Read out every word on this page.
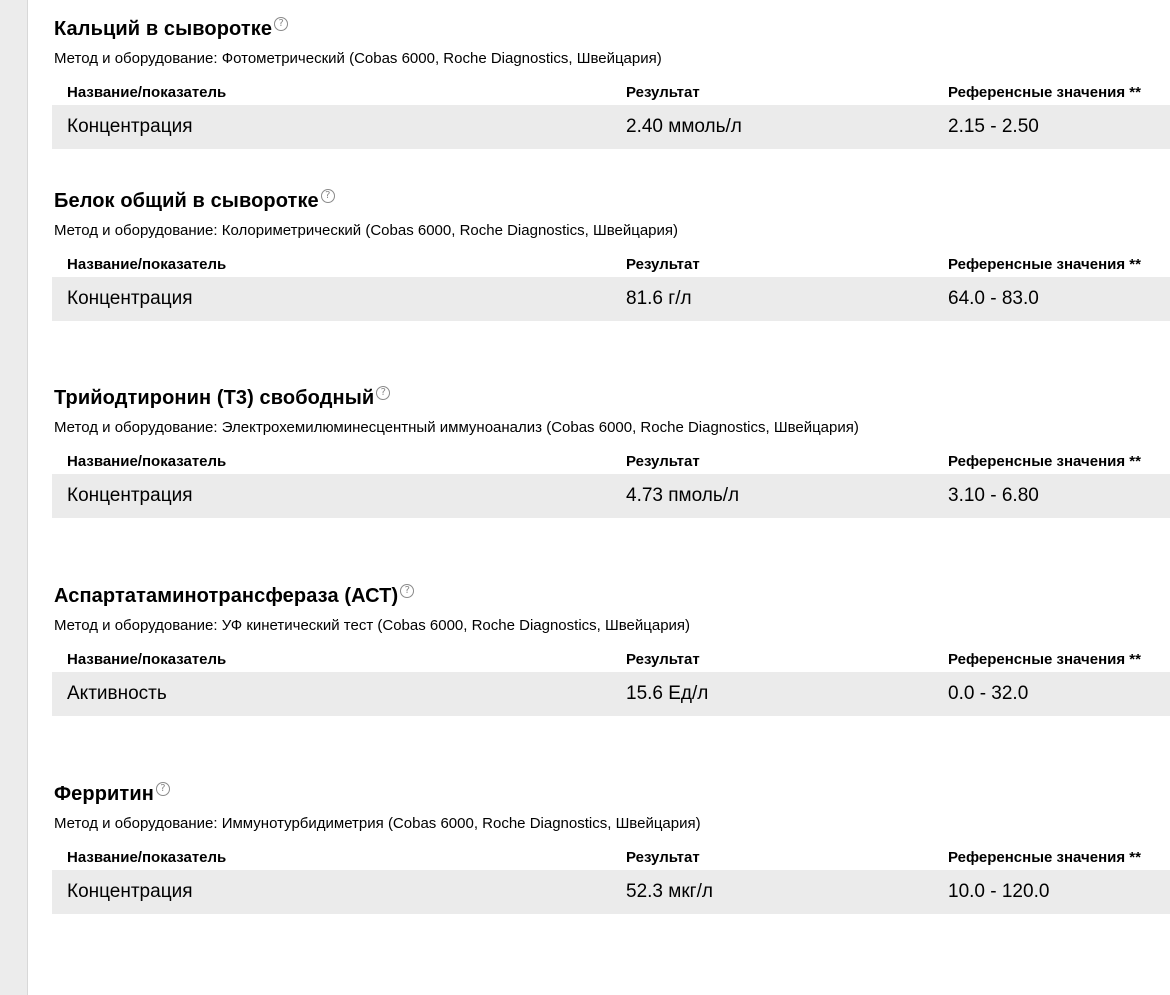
Кальций в сыворотке ?
Метод и оборудование: Фотометрический (Cobas 6000, Roche Diagnostics, Швейцария)
Название/показатель	Результат	Референсные значения **
Концентрация	2.40 ммоль/л	2.15 - 2.50
Белок общий в сыворотке ?
Метод и оборудование: Колориметрический (Cobas 6000, Roche Diagnostics, Швейцария)
Название/показатель	Результат	Референсные значения **
Концентрация	81.6 г/л	64.0 - 83.0
Трийодтиронин (Т3) свободный ?
Метод и оборудование: Электрохемилюминесцентный иммуноанализ (Cobas 6000, Roche Diagnostics, Швейцария)
Название/показатель	Результат	Референсные значения **
Концентрация	4.73 пмоль/л	3.10 - 6.80
Аспартатаминотрансфераза (АСТ) ?
Метод и оборудование: УФ кинетический тест (Cobas 6000, Roche Diagnostics, Швейцария)
Название/показатель	Результат	Референсные значения **
Активность	15.6 Ед/л	0.0 - 32.0
Ферритин ?
Метод и оборудование: Иммунотурбидиметрия (Cobas 6000, Roche Diagnostics, Швейцария)
Название/показатель	Результат	Референсные значения **
Концентрация	52.3 мкг/л	10.0 - 120.0
